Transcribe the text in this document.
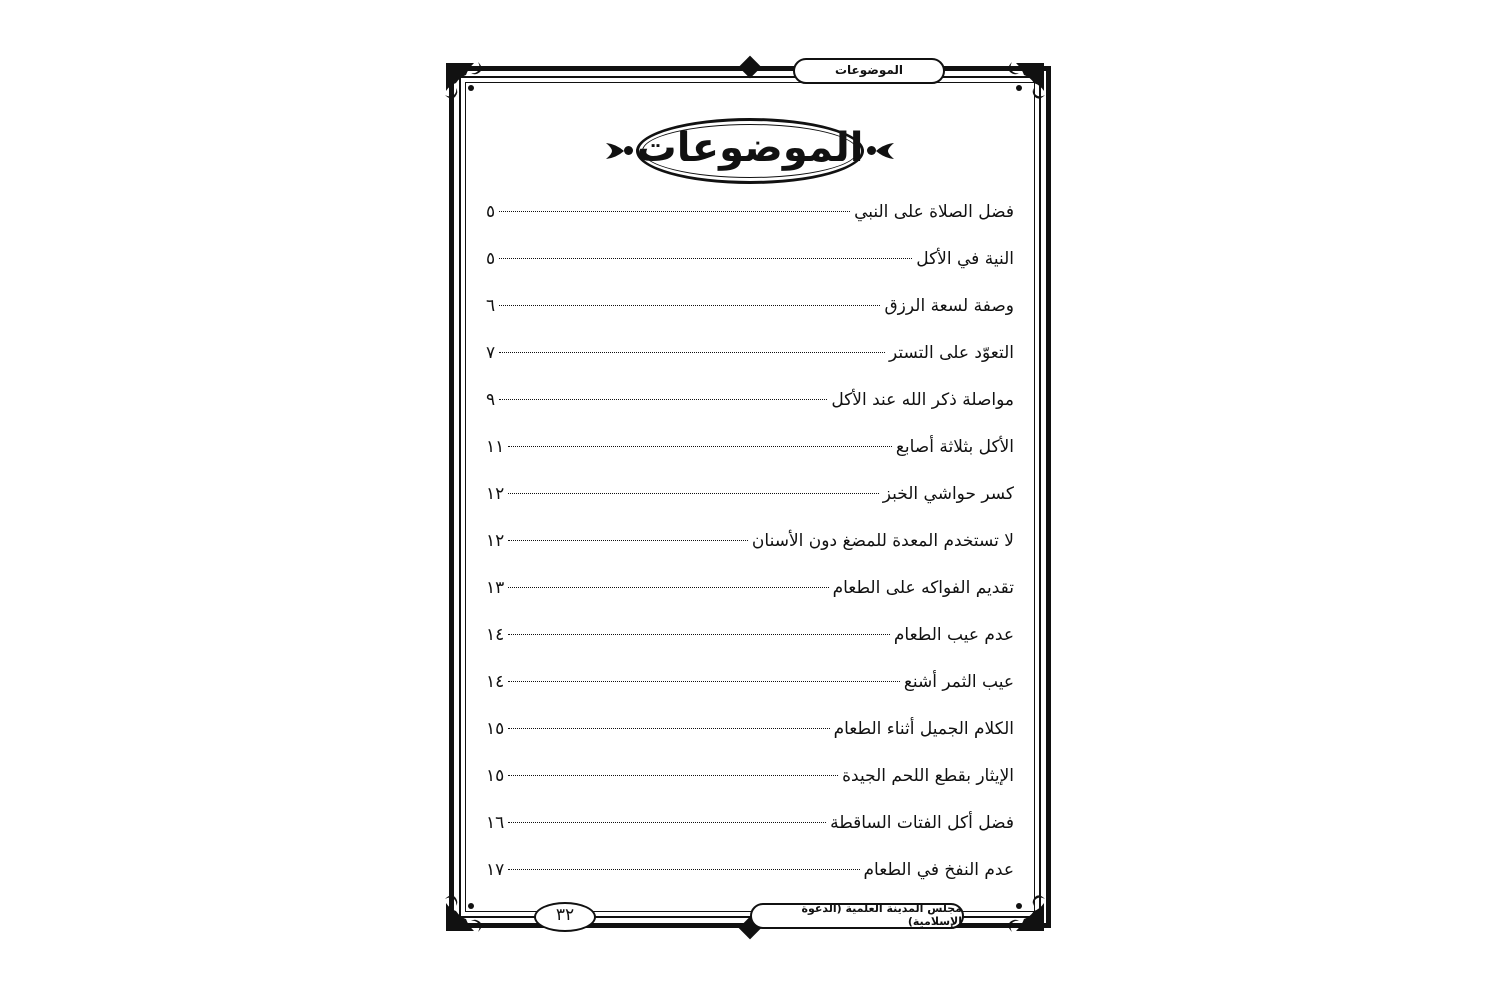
الموضوعات
الموضوعات
فضل الصلاة على النبي
٥
النية في الأكل
٥
وصفة لسعة الرزق
٦
التعوّد على التستر
٧
مواصلة ذكر الله عند الأكل
٩
الأكل بثلاثة أصابع
١١
كسر حواشي الخبز
١٢
لا تستخدم المعدة للمضغ دون الأسنان
١٢
تقديم الفواكه على الطعام
١٣
عدم عيب الطعام
١٤
عيب الثمر أشنع
١٤
الكلام الجميل أثناء الطعام
١٥
الإيثار بقطع اللحم الجيدة
١٥
فضل أكل الفتات الساقطة
١٦
عدم النفخ في الطعام
١٧
٣٢	مجلس المدينة العلمية (الدعوة الإسلامية)
